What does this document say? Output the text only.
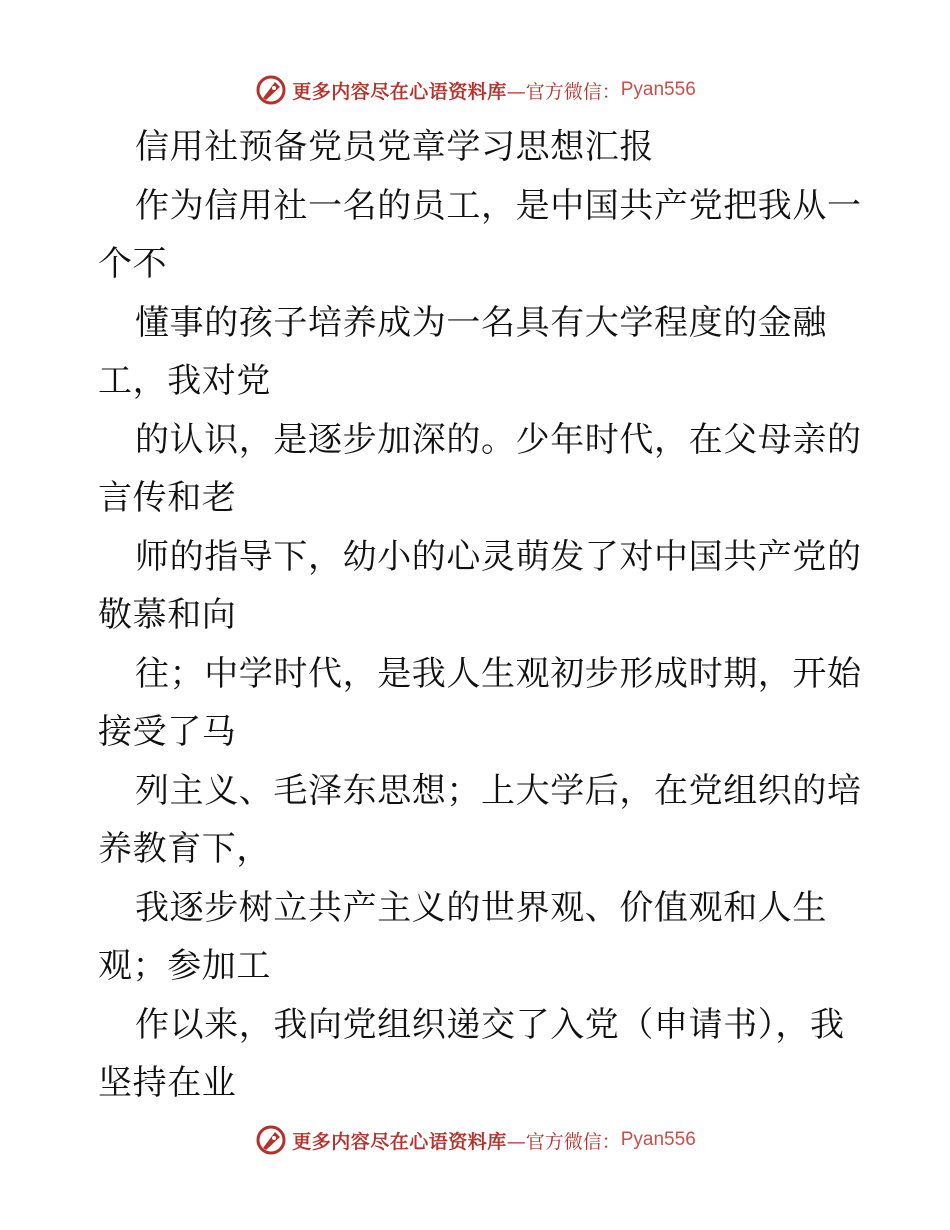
更多内容尽在心语资料库 —官方微信： Pyan556
信用社预备党员党章学习思想汇报
作为信用社一名的员工，是中国共产党把我从一
个不
懂事的孩子培养成为一名具有大学程度的金融
工，我对党
的认识，是逐步加深的。少年时代，在父母亲的
言传和老
师的指导下，幼小的心灵萌发了对中国共产党的
敬慕和向
往；中学时代，是我人生观初步形成时期，开始
接受了马
列主义、毛泽东思想；上大学后，在党组织的培
养教育下，
我逐步树立共产主义的世界观、价值观和人生
观；参加工
作以来，我向党组织递交了入党（申请书），我
坚持在业
更多内容尽在心语资料库 —官方微信： Pyan556
